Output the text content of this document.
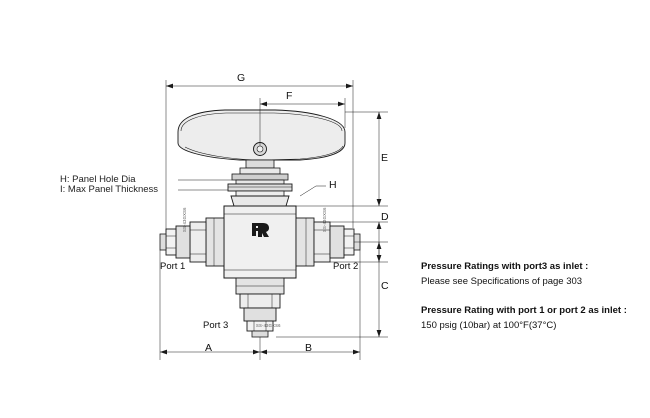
G
F
E
D
C
A	B
H
H: Panel Hole Dia
I: Max Panel Thickness
Port 1	Port 2
Port 3
SS-43GXS6	SS-43GXS6
SS-43GXS6
Pressure Ratings with port3 as inlet :
Please see Specifications of page 303
Pressure Rating with port 1 or port 2 as inlet :
150 psig (10bar) at 100°F(37°C)
